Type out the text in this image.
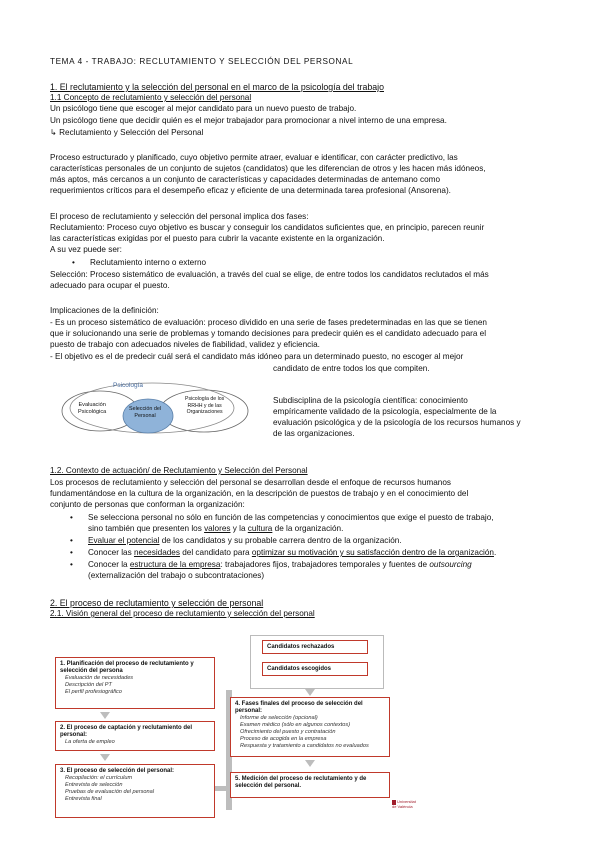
TEMA 4 - TRABAJO: RECLUTAMIENTO Y SELECCIÓN DEL PERSONAL

1. El reclutamiento y la selección del personal en el marco de la psicología del trabajo

1.1 Concepto de reclutamiento y selección del personal

Un psicólogo tiene que escoger al mejor candidato para un nuevo puesto de trabajo.

Un psicólogo tiene que decidir quién es el mejor trabajador para promocionar a nivel interno de una empresa.

↳ Reclutamiento y Selección del Personal

Proceso estructurado y planificado, cuyo objetivo permite atraer, evaluar e identificar, con carácter predictivo, las

características personales de un conjunto de sujetos (candidatos) que les diferencian de otros y les hacen más idóneos,

más aptos, más cercanos a un conjunto de características y capacidades determinadas de antemano como

requerimientos críticos para el desempeño eficaz y eficiente de una determinada tarea profesional (Ansorena).

El proceso de reclutamiento y selección del personal implica dos fases:

Reclutamiento: Proceso cuyo objetivo es buscar y conseguir los candidatos suficientes que, en principio, parecen reunir

las características exigidas por el puesto para cubrir la vacante existente en la organización.

A su vez puede ser:

• Reclutamiento interno o externo

Selección: Proceso sistemático de evaluación, a través del cual se elige, de entre todos los candidatos reclutados el más

adecuado para ocupar el puesto.

Implicaciones de la definición:

- Es un proceso sistemático de evaluación: proceso dividido en una serie de fases predeterminadas en las que se tienen

que ir solucionando una serie de problemas y tomando decisiones para predecir quién es el candidato adecuado para el

puesto de trabajo con adecuados niveles de fiabilidad, validez y eficiencia.

- El objetivo es el de predecir cuál será el candidato más idóneo para un determinado puesto, no escoger al mejor

candidato de entre todos los que compiten.

Psicología
Evaluación
Psicológica	Selección del
Personal
Psicología de los
RRHH y de las
Organizaciones

Subdisciplina de la psicología científica: conocimiento

empíricamente validado de la psicología, especialmente de la

evaluación psicológica y de la psicología de los recursos humanos y

de las organizaciones.

1.2. Contexto de actuación/ de Reclutamiento y Selección del Personal

Los procesos de reclutamiento y selección del personal se desarrollan desde el enfoque de recursos humanos

fundamentándose en la cultura de la organización, en la descripción de puestos de trabajo y en el conocimiento del

conjunto de personas que conforman la organización:

• Se selecciona personal no sólo en función de las competencias y conocimientos que exige el puesto de trabajo,
sino también que presenten los valores y la cultura de la organización.
• Evaluar el potencial de los candidatos y su probable carrera dentro de la organización.
• Conocer las necesidades del candidato para optimizar su motivación y su satisfacción dentro de la organización.
• Conocer la estructura de la empresa: trabajadores fijos, trabajadores temporales y fuentes de outsourcing
(externalización del trabajo o subcontrataciones)

2. El proceso de reclutamiento y selección de personal

2.1. Visión general del proceso de reclutamiento y selección del personal

Candidatos rechazados
Candidatos escogidos
1. Planificación del proceso de reclutamiento y selección del persona
Evaluación de necesidades
Descripción del PT
El perfil profesiográfico
2. El proceso de captación y reclutamiento del personal:
La oferta de empleo
3. El proceso de selección del personal:
Recopilación: el currículum
Entrevista de selección
Pruebas de evaluación del personal
Entrevista final
4. Fases finales del proceso de selección del personal:
Informe de selección (opcional)
Examen médico (sólo en algunos contextos)
Ofrecimiento del puesto y contratación
Proceso de acogida en la empresa
Respuesta y tratamiento a candidatos no evaluados
5. Medición del proceso de reclutamiento y de selección del personal.
Universitat de València
